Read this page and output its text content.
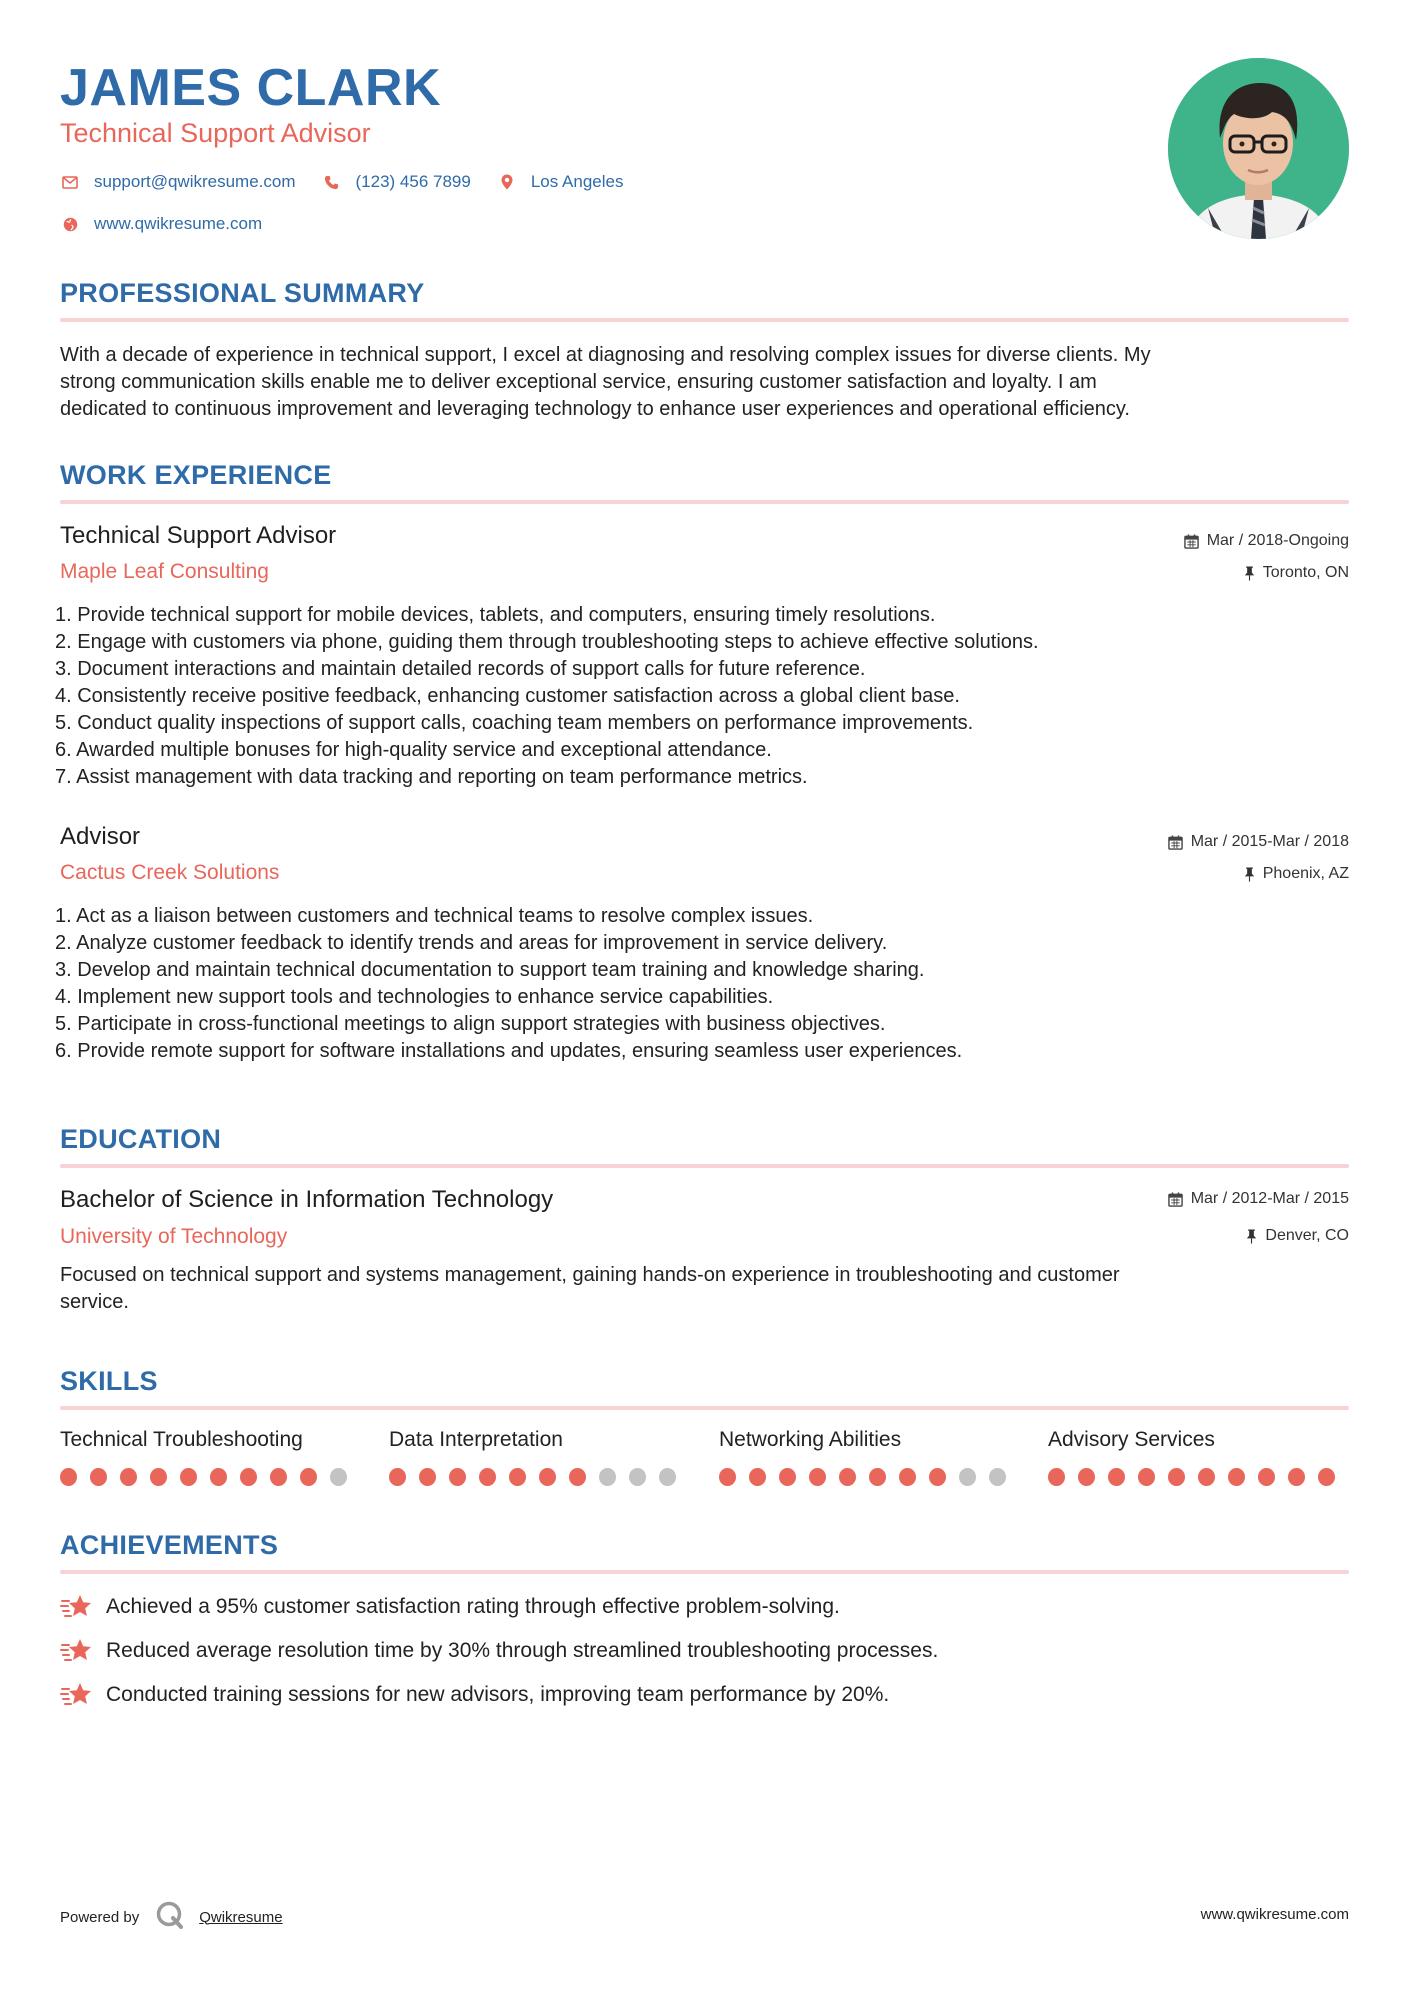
JAMES CLARK
Technical Support Advisor
support@qwikresume.com	(123) 456 7899	Los Angeles
www.qwikresume.com
PROFESSIONAL SUMMARY
With a decade of experience in technical support, I excel at diagnosing and resolving complex issues for diverse clients. My
strong communication skills enable me to deliver exceptional service, ensuring customer satisfaction and loyalty. I am
dedicated to continuous improvement and leveraging technology to enhance user experiences and operational efficiency.
WORK EXPERIENCE
Technical Support Advisor
Maple Leaf Consulting
Mar / 2018-Ongoing
Toronto, ON
1. Provide technical support for mobile devices, tablets, and computers, ensuring timely resolutions.
2. Engage with customers via phone, guiding them through troubleshooting steps to achieve effective solutions.
3. Document interactions and maintain detailed records of support calls for future reference.
4. Consistently receive positive feedback, enhancing customer satisfaction across a global client base.
5. Conduct quality inspections of support calls, coaching team members on performance improvements.
6. Awarded multiple bonuses for high-quality service and exceptional attendance.
7. Assist management with data tracking and reporting on team performance metrics.
Advisor
Cactus Creek Solutions
Mar / 2015-Mar / 2018
Phoenix, AZ
1. Act as a liaison between customers and technical teams to resolve complex issues.
2. Analyze customer feedback to identify trends and areas for improvement in service delivery.
3. Develop and maintain technical documentation to support team training and knowledge sharing.
4. Implement new support tools and technologies to enhance service capabilities.
5. Participate in cross-functional meetings to align support strategies with business objectives.
6. Provide remote support for software installations and updates, ensuring seamless user experiences.
EDUCATION
Bachelor of Science in Information Technology
University of Technology
Mar / 2012-Mar / 2015
Denver, CO
Focused on technical support and systems management, gaining hands-on experience in troubleshooting and customer
service.
SKILLS
Technical Troubleshooting	Data Interpretation	Networking Abilities	Advisory Services
ACHIEVEMENTS
Achieved a 95% customer satisfaction rating through effective problem-solving.
Reduced average resolution time by 30% through streamlined troubleshooting processes.
Conducted training sessions for new advisors, improving team performance by 20%.
Powered by	Qwikresume	www.qwikresume.com
